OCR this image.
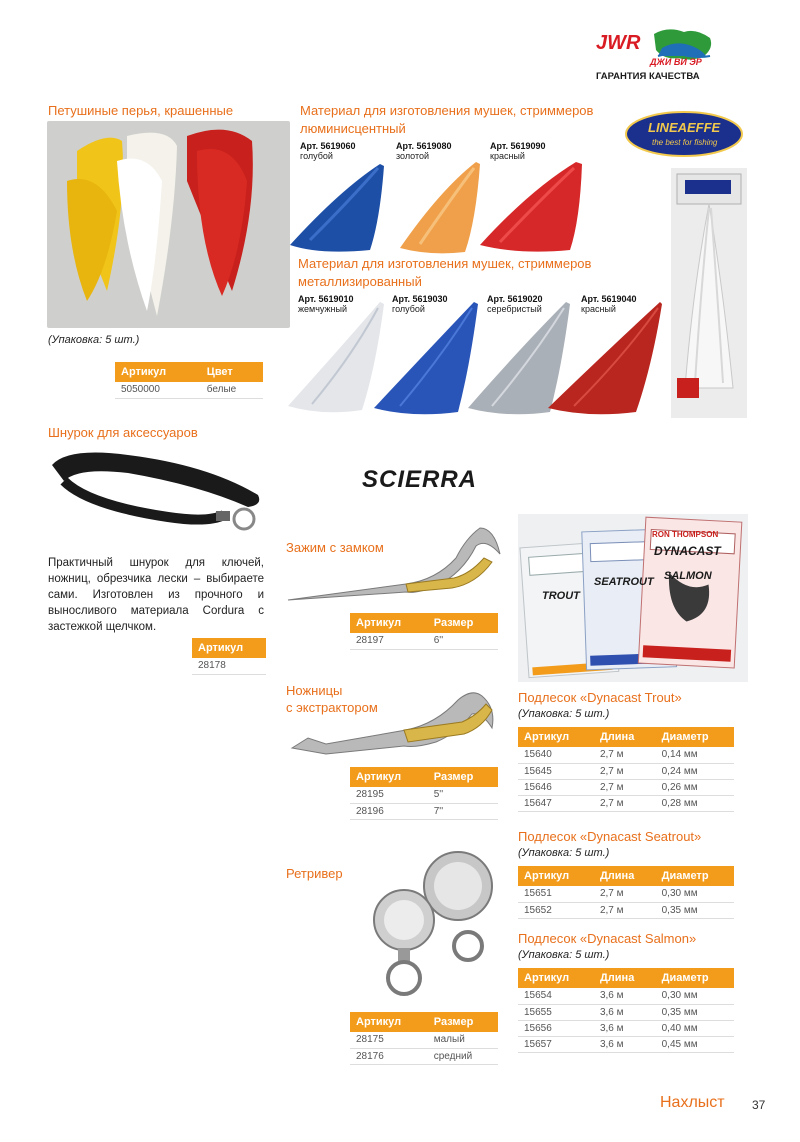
JWR
ДЖИ ВИ ЭР
ГАРАНТИЯ КАЧЕСТВА
Петушиные перья, крашенные
(Упаковка: 5 шт.)
Артикул	Цвет
5050000	белые
Материал для изготовления мушек, стриммеров
люминисцентный
Арт. 5619060
голубой
Арт. 5619080
золотой
Арт. 5619090
красный
LINEAEFFE
the best for fishing
Материал для изготовления мушек, стриммеров
металлизированный
Арт. 5619010
жемчужный
Арт. 5619030
голубой
Арт. 5619020
серебристый
Арт. 5619040
красный
Шнурок для аксессуаров
Практичный шнурок для ключей, ножниц, обрезчика лески – выбираете сами. Изготовлен из прочного и выносливого материала Cordura с застежкой щелчком.
Артикул
28178
SCIERRA
Зажим с замком
Артикул	Размер
28197	6''
Ножницы
с экстрактором
Артикул	Размер
28195	5''
28196	7''
Ретривер
Артикул	Размер
28175	малый
28176	средний
RON THOMPSON
DYNACAST
TROUT
SEATROUT SALMON
Подлесок «Dynacast Trout»
(Упаковка: 5 шт.)
Артикул	Длина	Диаметр
15640	2,7 м	0,14 мм
15645	2,7 м	0,24 мм
15646	2,7 м	0,26 мм
15647	2,7 м	0,28 мм
Подлесок «Dynacast Seatrout»
(Упаковка: 5 шт.)
Артикул	Длина	Диаметр
15651	2,7 м	0,30 мм
15652	2,7 м	0,35 мм
Подлесок «Dynacast Salmon»
(Упаковка: 5 шт.)
Артикул	Длина	Диаметр
15654	3,6 м	0,30 мм
15655	3,6 м	0,35 мм
15656	3,6 м	0,40 мм
15657	3,6 м	0,45 мм
Нахлыст 37
